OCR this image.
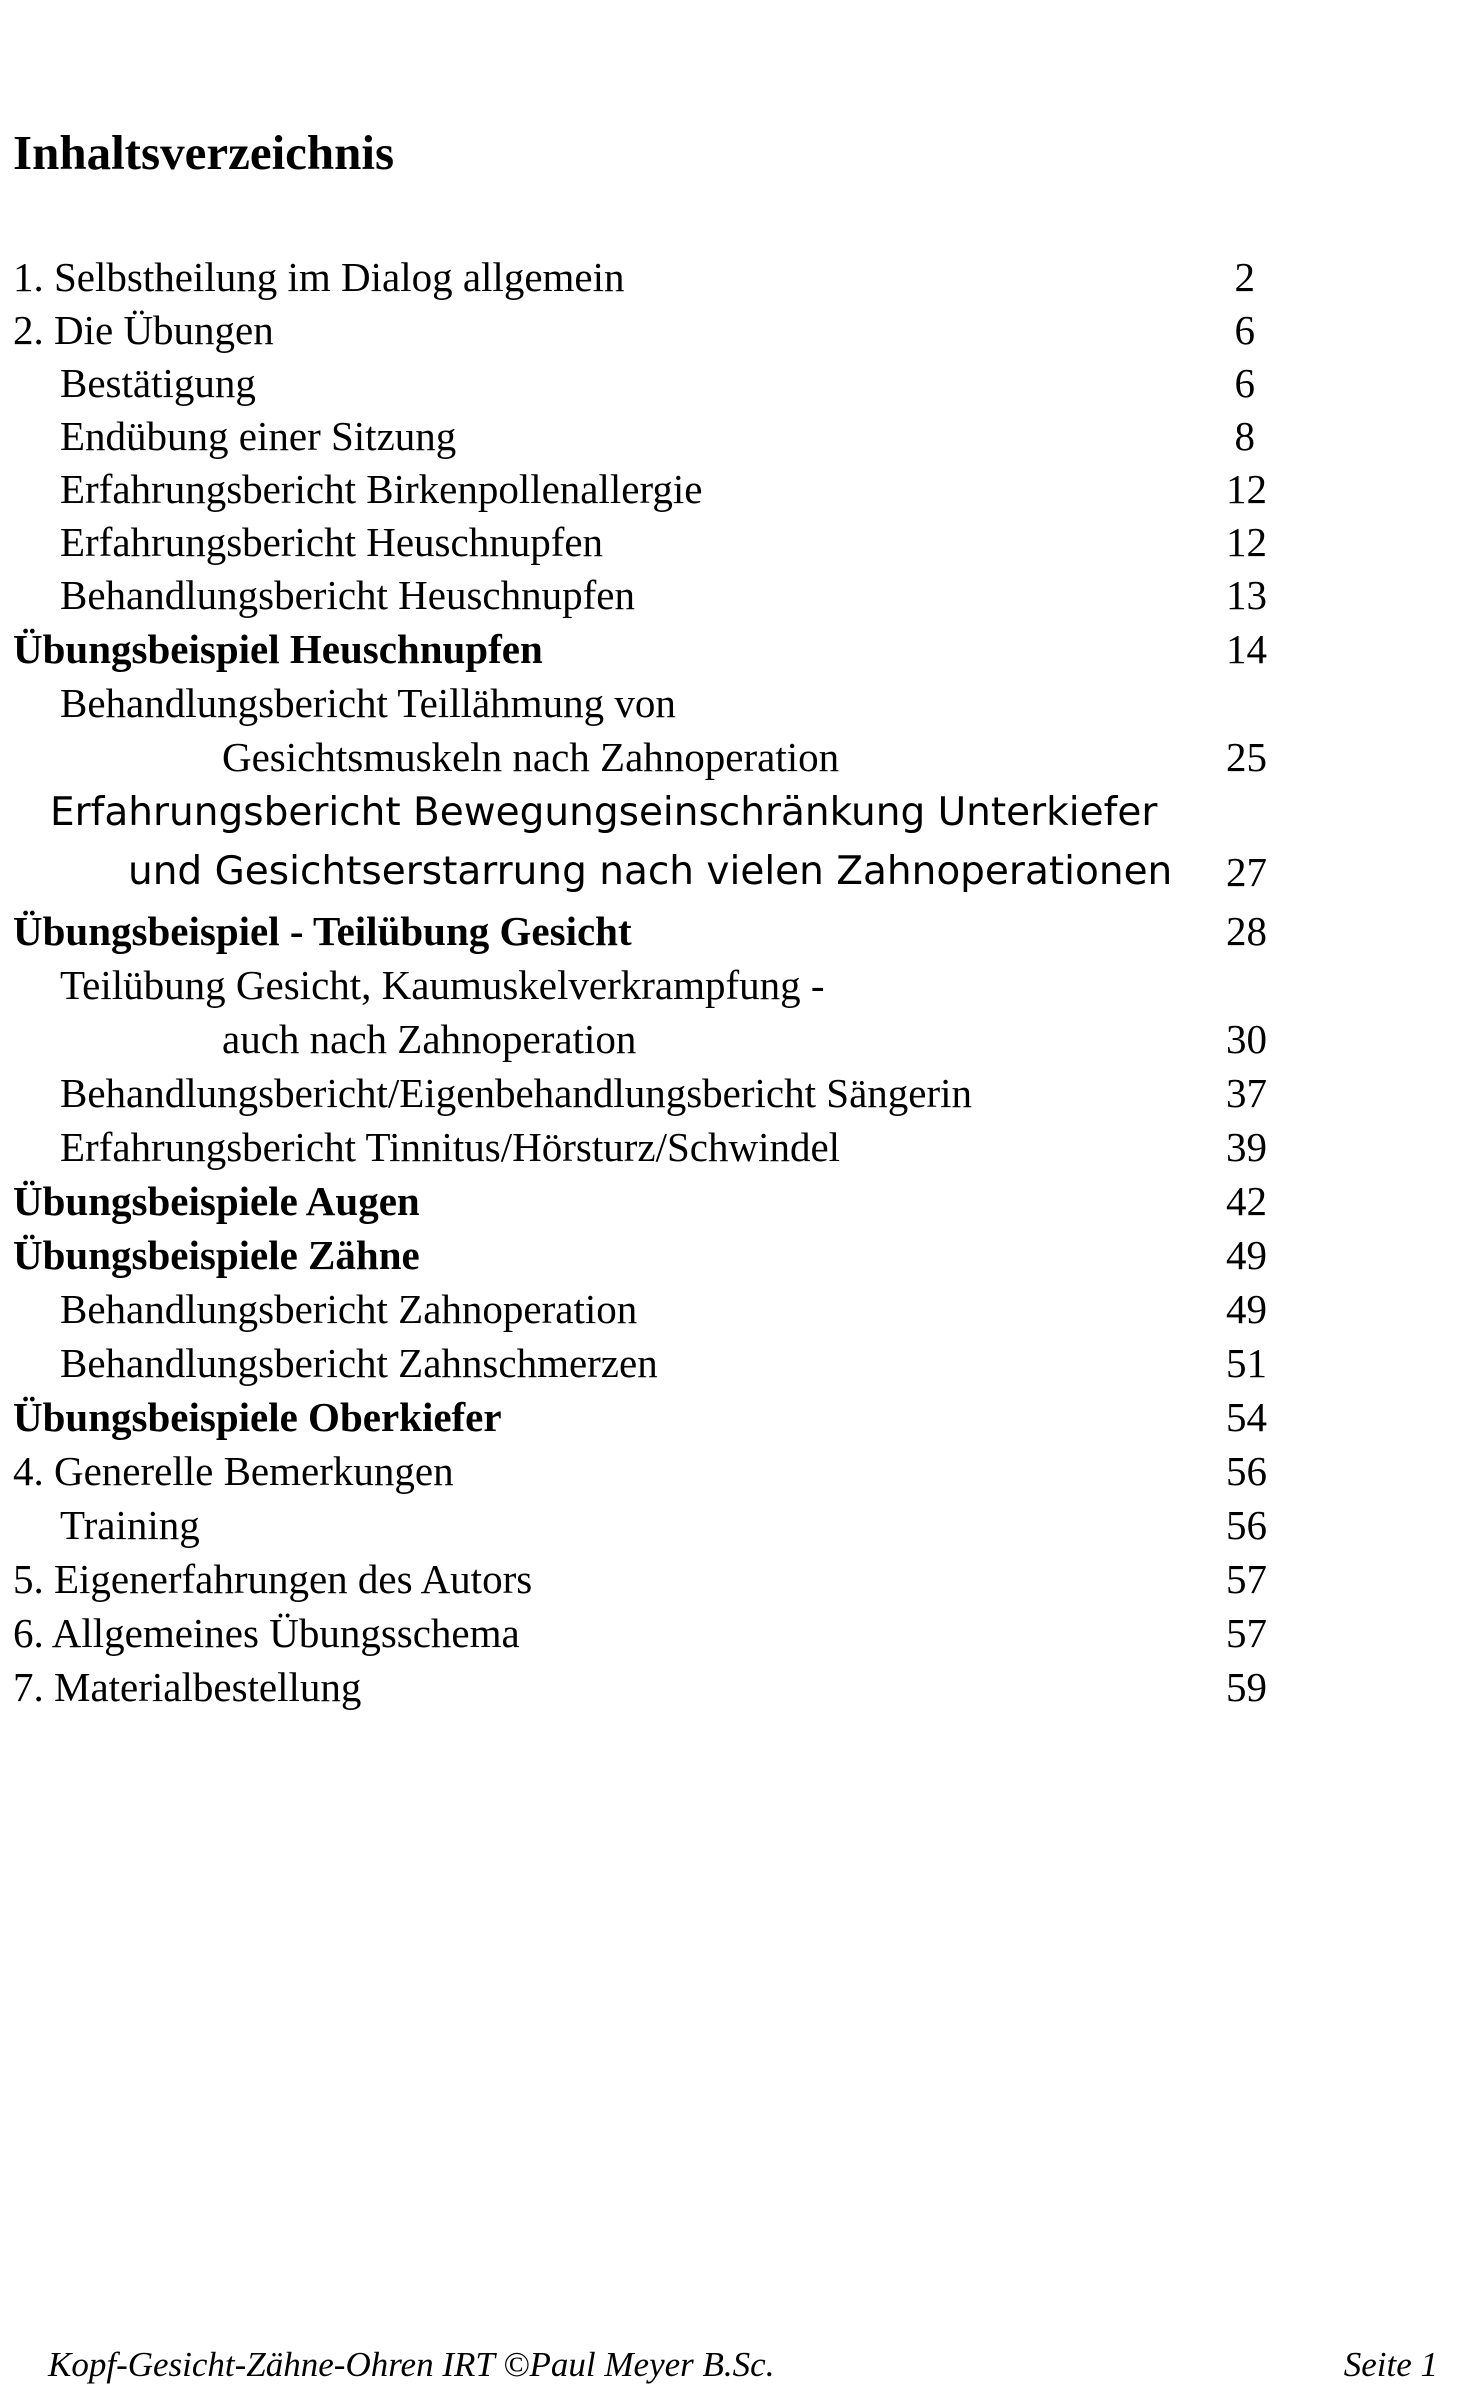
Inhaltsverzeichnis
1. Selbstheilung im Dialog allgemein	2
2. Die Übungen	6
Bestätigung	6
Endübung einer Sitzung	8
Erfahrungsbericht Birkenpollenallergie	12
Erfahrungsbericht Heuschnupfen	12
Behandlungsbericht Heuschnupfen	13
Übungsbeispiel Heuschnupfen	14
Behandlungsbericht Teillähmung von
Gesichtsmuskeln nach Zahnoperation	25
Erfahrungsbericht Bewegungseinschränkung Unterkiefer
und Gesichtserstarrung nach vielen Zahnoperationen 27
Übungsbeispiel - Teilübung Gesicht	28
Teilübung Gesicht, Kaumuskelverkrampfung -
auch nach Zahnoperation	30
Behandlungsbericht/Eigenbehandlungsbericht Sängerin	37
Erfahrungsbericht Tinnitus/Hörsturz/Schwindel	39
Übungsbeispiele Augen	42
Übungsbeispiele Zähne	49
Behandlungsbericht Zahnoperation	49
Behandlungsbericht Zahnschmerzen	51
Übungsbeispiele Oberkiefer	54
4. Generelle Bemerkungen	56
Training	56
5. Eigenerfahrungen des Autors	57
6. Allgemeines Übungsschema	57
7. Materialbestellung	59
Kopf-Gesicht-Zähne-Ohren IRT ©Paul Meyer B.Sc.	Seite 1
